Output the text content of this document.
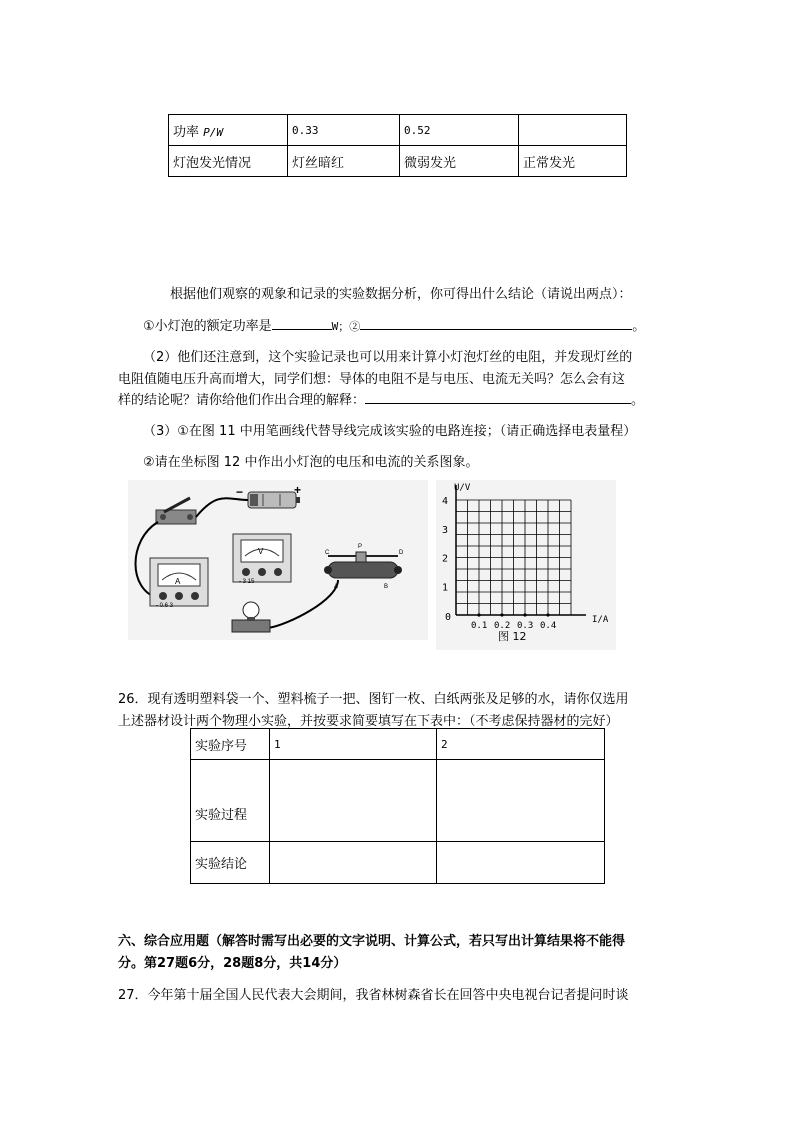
功率 P/W	0.33	0.52	
灯泡发光情况	灯丝暗红	微弱发光	正常发光

根据他们观察的观象和记录的实验数据分析，你可得出什么结论（请说出两点）：

①小灯泡的额定功率是	W；②	。

（2）他们还注意到，这个实验记录也可以用来计算小灯泡灯丝的电阻，并发现灯丝的

电阻值随电压升高而增大，同学们想：导体的电阻不是与电压、电流无关吗？怎么会有这

样的结论呢？请你给他们作出合理的解释：	。

（3）①在图 11 中用笔画线代替导线完成该实验的电路连接；（请正确选择电表量程）

②请在坐标图 12 中作出小灯泡的电压和电流的关系图象。

−	+
A
- 0.6 3
V
- 3 15
C
P
D
A	B
U/V
I/A
0
4
3
2
1
0.1 0.2 0.3 0.4
图 12

26．现有透明塑料袋一个、塑料梳子一把、图钉一枚、白纸两张及足够的水，请你仅选用

上述器材设计两个物理小实验，并按要求简要填写在下表中：（不考虑保持器材的完好）

实验序号	1	2
实验过程		
实验结论		

六、综合应用题（解答时需写出必要的文字说明、计算公式，若只写出计算结果将不能得

分。第27题6分，28题8分，共14分）

27．今年第十届全国人民代表大会期间，我省林树森省长在回答中央电视台记者提问时谈
